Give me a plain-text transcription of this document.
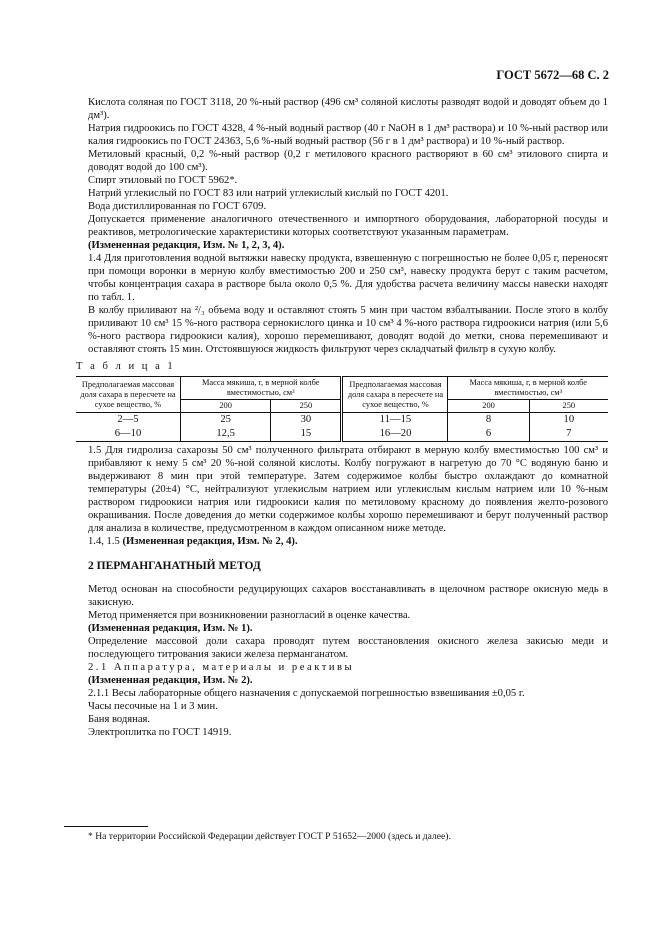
ГОСТ 5672—68 С. 2

Кислота соляная по ГОСТ 3118, 20 %-ный раствор (496 см³ соляной кислоты разводят водой и доводят объем до 1 дм³).

Натрия гидроокись по ГОСТ 4328, 4 %-ный водный раствор (40 г NaOH в 1 дм³ раствора) и 10 %-ный раствор или калия гидроокись по ГОСТ 24363, 5,6 %-ный водный раствор (56 г в 1 дм³ раствора) и 10 %-ный раствор.

Метиловый красный, 0,2 %-ный раствор (0,2 г метилового красного растворяют в 60 см³ этилового спирта и доводят водой до 100 см³).

Спирт этиловый по ГОСТ 5962*.

Натрий углекислый по ГОСТ 83 или натрий углекислый кислый по ГОСТ 4201.

Вода дистиллированная по ГОСТ 6709.

Допускается применение аналогичного отечественного и импортного оборудования, лабораторной посуды и реактивов, метрологические характеристики которых соответствуют указанным параметрам.

(Измененная редакция, Изм. № 1, 2, 3, 4).

1.4 Для приготовления водной вытяжки навеску продукта, взвешенную с погрешностью не более 0,05 г, переносят при помощи воронки в мерную колбу вместимостью 200 и 250 см³, навеску продукта берут с таким расчетом, чтобы концентрация сахара в растворе была около 0,5 %. Для удобства расчета величину массы навески находят по табл. 1.

В колбу приливают на ²/₃ объема воду и оставляют стоять 5 мин при частом взбалтывании. После этого в колбу приливают 10 см³ 15 %-ного раствора сернокислого цинка и 10 см³ 4 %-ного раствора гидроокиси натрия (или 5,6 %-ного раствора гидроокиси калия), хорошо перемешивают, доводят водой до метки, снова перемешивают и оставляют стоять 15 мин. Отстоявшуюся жидкость фильтруют через складчатый фильтр в сухую колбу.

Т а б л и ц а 1
Предполагаемая массовая доля сахара в пересчете на сухое вещество, %	Масса мякиша, г, в мерной колбе вместимостью, см³		Предполагаемая массовая доля сахара в пересчете на сухое вещество, %	Масса мякиша, г, в мерной колбе вместимостью, см³	
	200	250		200	250
2—5	25	30	11—15	8	10
6—10	12,5	15	16—20	6	7

1.5 Для гидролиза сахарозы 50 см³ полученного фильтрата отбирают в мерную колбу вместимостью 100 см³ и прибавляют к нему 5 см³ 20 %-ной соляной кислоты. Колбу погружают в нагретую до 70 °С водяную баню и выдерживают 8 мин при этой температуре. Затем содержимое колбы быстро охлаждают до комнатной температуры (20±4) °С, нейтрализуют углекислым натрием или углекислым кислым натрием или 10 %-ным раствором гидроокиси натрия или гидроокиси калия по метиловому красному до появления желто-розового окрашивания. После доведения до метки содержимое колбы хорошо перемешивают и берут полученный раствор для анализа в количестве, предусмотренном в каждом описанном ниже методе.

1.4, 1.5 (Измененная редакция, Изм. № 2, 4).

2 ПЕРМАНГАНАТНЫЙ МЕТОД

Метод основан на способности редуцирующих сахаров восстанавливать в щелочном растворе окисную медь в закисную.

Метод применяется при возникновении разногласий в оценке качества.

(Измененная редакция, Изм. № 1).

Определение массовой доли сахара проводят путем восстановления окисного железа закисью меди и последующего титрования закиси железа перманганатом.

2.1 Аппаратура, материалы и реактивы

(Измененная редакция, Изм. № 2).

2.1.1 Весы лабораторные общего назначения с допускаемой погрешностью взвешивания ±0,05 г.

Часы песочные на 1 и 3 мин.

Баня водяная.

Электроплитка по ГОСТ 14919.

* На территории Российской Федерации действует ГОСТ Р 51652—2000 (здесь и далее).
